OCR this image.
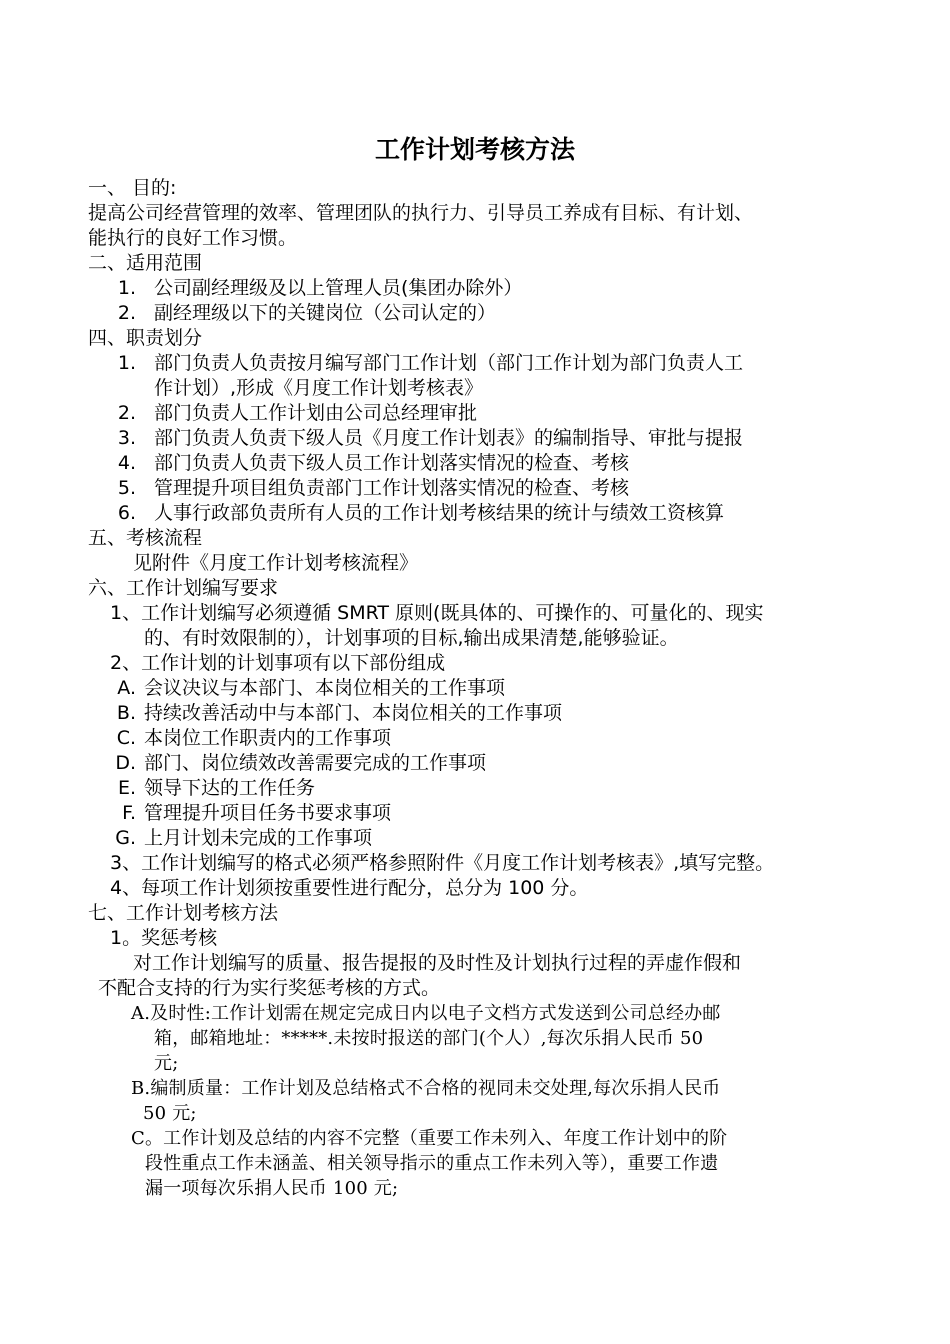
工作计划考核方法
一、 目的:
提高公司经营管理的效率、管理团队的执行力、引导员工养成有目标、有计划、
能执行的良好工作习惯。
二、适用范围
1. 公司副经理级及以上管理人员(集团办除外）
2. 副经理级以下的关键岗位（公司认定的）
四、职责划分
1. 部门负责人负责按月编写部门工作计划（部门工作计划为部门负责人工
作计划）,形成《月度工作计划考核表》
2. 部门负责人工作计划由公司总经理审批
3. 部门负责人负责下级人员《月度工作计划表》的编制指导、审批与提报
4. 部门负责人负责下级人员工作计划落实情况的检查、考核
5. 管理提升项目组负责部门工作计划落实情况的检查、考核
6. 人事行政部负责所有人员的工作计划考核结果的统计与绩效工资核算
五、考核流程
见附件《月度工作计划考核流程》
六、工作计划编写要求
1、工作计划编写必须遵循 SMRT 原则(既具体的、可操作的、可量化的、现实
的、有时效限制的），计划事项的目标,输出成果清楚,能够验证。
2、工作计划的计划事项有以下部份组成
A. 会议决议与本部门、本岗位相关的工作事项
B. 持续改善活动中与本部门、本岗位相关的工作事项
C. 本岗位工作职责内的工作事项
D. 部门、岗位绩效改善需要完成的工作事项
E. 领导下达的工作任务
F. 管理提升项目任务书要求事项
G. 上月计划未完成的工作事项
3、工作计划编写的格式必须严格参照附件《月度工作计划考核表》,填写完整。
4、每项工作计划须按重要性进行配分，总分为 100 分。
七、工作计划考核方法
1。奖惩考核
对工作计划编写的质量、报告提报的及时性及计划执行过程的弄虚作假和
不配合支持的行为实行奖惩考核的方式。
A.及时性:工作计划需在规定完成日内以电子文档方式发送到公司总经办邮
箱，邮箱地址：*****.未按时报送的部门(个人）,每次乐捐人民币 50
元;
B.编制质量：工作计划及总结格式不合格的视同未交处理,每次乐捐人民币
50 元;
C。工作计划及总结的内容不完整（重要工作未列入、年度工作计划中的阶
段性重点工作未涵盖、相关领导指示的重点工作未列入等），重要工作遗
漏一项每次乐捐人民币 100 元;
